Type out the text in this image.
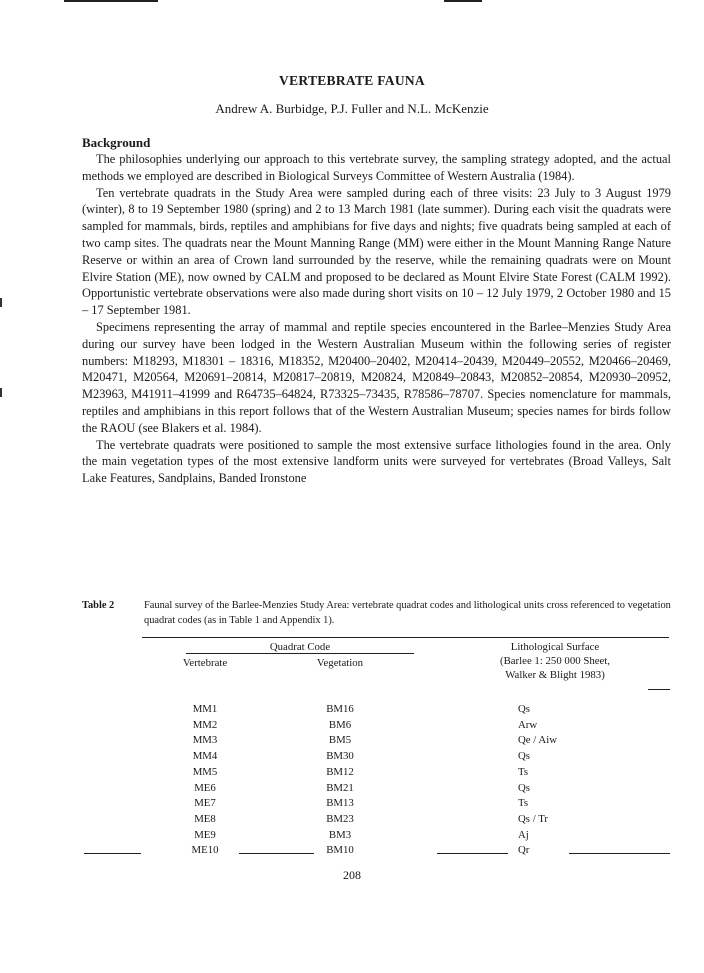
VERTEBRATE FAUNA
Andrew A. Burbidge, P.J. Fuller and N.L. McKenzie
Background

The philosophies underlying our approach to this vertebrate survey, the sampling strategy adopted, and the actual methods we employed are described in Biological Surveys Committee of Western Australia (1984).

Ten vertebrate quadrats in the Study Area were sampled during each of three visits: 23 July to 3 August 1979 (winter), 8 to 19 September 1980 (spring) and 2 to 13 March 1981 (late summer). During each visit the quadrats were sampled for mammals, birds, reptiles and amphibians for five days and nights; five quadrats being sampled at each of two camp sites. The quadrats near the Mount Manning Range (MM) were either in the Mount Manning Range Nature Reserve or within an area of Crown land surrounded by the reserve, while the remaining quadrats were on Mount Elvire Station (ME), now owned by CALM and proposed to be declared as Mount Elvire State Forest (CALM 1992). Opportunistic vertebrate observations were also made during short visits on 10 – 12 July 1979, 2 October 1980 and 15 – 17 September 1981.

Specimens representing the array of mammal and reptile species encountered in the Barlee–Menzies Study Area during our survey have been lodged in the Western Australian Museum within the following series of register numbers: M18293, M18301 – 18316, M18352, M20400–20402, M20414–20439, M20449–20552, M20466–20469, M20471, M20564, M20691–20814, M20817–20819, M20824, M20849–20843, M20852–20854, M20930–20952, M23963, M41911–41999 and R64735–64824, R73325–73435, R78586–78707. Species nomenclature for mammals, reptiles and amphibians in this report follows that of the Western Australian Museum; species names for birds follow the RAOU (see Blakers et al. 1984).

The vertebrate quadrats were positioned to sample the most extensive surface lithologies found in the area. Only the main vegetation types of the most extensive landform units were surveyed for vertebrates (Broad Valleys, Salt Lake Features, Sandplains, Banded Ironstone

Table 2	Faunal survey of the Barlee-Menzies Study Area: vertebrate quadrat codes and lithological units cross referenced to vegetation quadrat codes (as in Table 1 and Appendix 1).
Quadrat Code
Vertebrate	Vegetation
Lithological Surface
(Barlee 1: 250 000 Sheet,
Walker & Blight 1983)
MM1	BM16	Qs
MM2	BM6	Arw
MM3	BM5	Qe / Aiw
MM4	BM30	Qs
MM5	BM12	Ts
ME6	BM21	Qs
ME7	BM13	Ts
ME8	BM23	Qs / Tr
ME9	BM3	Aj
ME10	BM10	Qr
208
